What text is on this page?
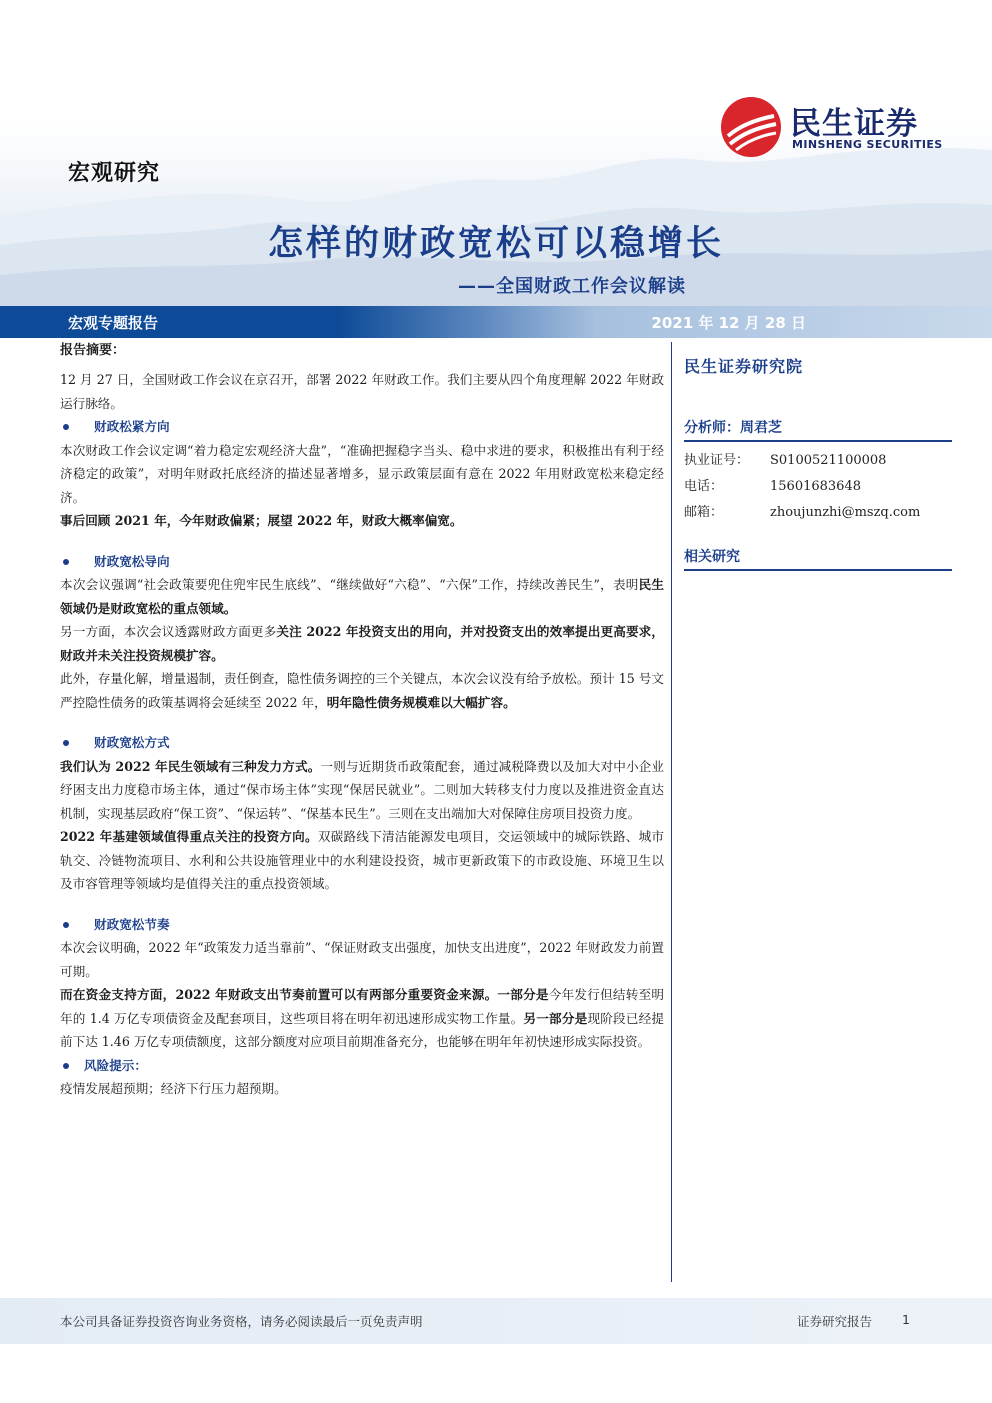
宏观研究
民生证券
MINSHENG SECURITIES
怎样的财政宽松可以稳增长
——全国财政工作会议解读
宏观专题报告	2021 年 12 月 28 日

报告摘要：

12 月 27 日，全国财政工作会议在京召开，部署 2022 年财政工作。我们主要从四个角度理解 2022 年财政运行脉络。

财政松紧方向

本次财政工作会议定调“着力稳定宏观经济大盘”，“准确把握稳字当头、稳中求进的要求，积极推出有利于经济稳定的政策”，对明年财政托底经济的描述显著增多，显示政策层面有意在 2022 年用财政宽松来稳定经济。

事后回顾 2021 年，今年财政偏紧；展望 2022 年，财政大概率偏宽。

财政宽松导向

本次会议强调“社会政策要兜住兜牢民生底线”、“继续做好“六稳”、“六保”工作，持续改善民生”，表明民生领域仍是财政宽松的重点领域。

另一方面，本次会议透露财政方面更多关注 2022 年投资支出的用向，并对投资支出的效率提出更高要求，财政并未关注投资规模扩容。

此外，存量化解，增量遏制，责任倒查，隐性债务调控的三个关键点，本次会议没有给予放松。预计 15 号文严控隐性债务的政策基调将会延续至 2022 年，明年隐性债务规模难以大幅扩容。

财政宽松方式

我们认为 2022 年民生领域有三种发力方式。一则与近期货币政策配套，通过减税降费以及加大对中小企业纾困支出力度稳市场主体，通过“保市场主体”实现“保居民就业”。二则加大转移支付力度以及推进资金直达机制，实现基层政府“保工资”、“保运转”、“保基本民生”。三则在支出端加大对保障住房项目投资力度。

2022 年基建领域值得重点关注的投资方向。双碳路线下清洁能源发电项目，交运领域中的城际铁路、城市轨交、冷链物流项目、水利和公共设施管理业中的水利建设投资，城市更新政策下的市政设施、环境卫生以及市容管理等领域均是值得关注的重点投资领域。

财政宽松节奏

本次会议明确，2022 年“政策发力适当靠前”、“保证财政支出强度，加快支出进度”，2022 年财政发力前置可期。

而在资金支持方面，2022 年财政支出节奏前置可以有两部分重要资金来源。一部分是今年发行但结转至明年的 1.4 万亿专项债资金及配套项目，这些项目将在明年初迅速形成实物工作量。另一部分是现阶段已经提前下达 1.46 万亿专项债额度，这部分额度对应项目前期准备充分，也能够在明年年初快速形成实际投资。

风险提示：

疫情发展超预期；经济下行压力超预期。

民生证券研究院
分析师：周君芝
执业证号：	S0100521100008
电话：	15601683648
邮箱：	zhoujunzhi@mszq.com
相关研究
本公司具备证券投资咨询业务资格，请务必阅读最后一页免责声明	证券研究报告 1
